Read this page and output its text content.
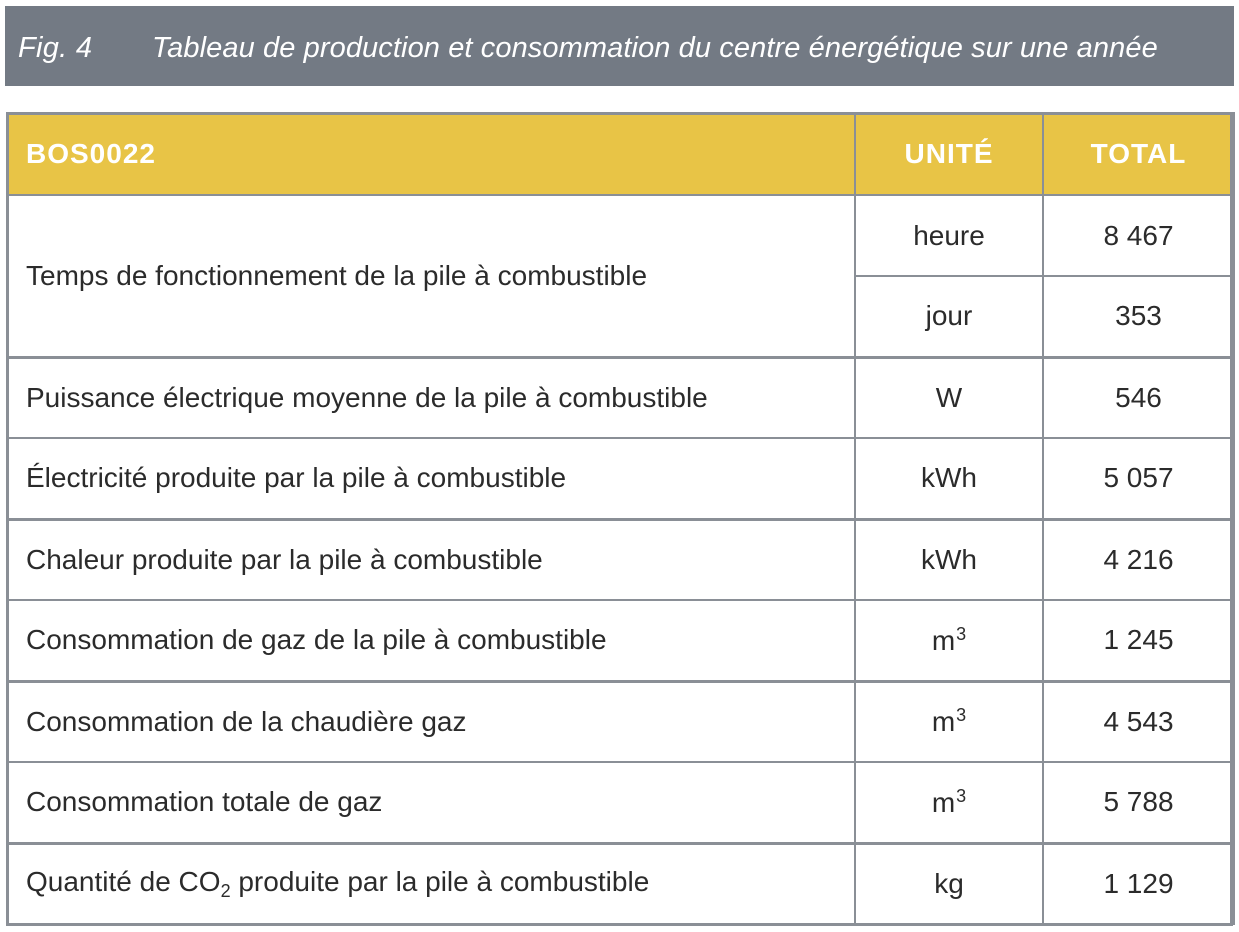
Fig. 4 Tableau de production et consommation du centre énergétique sur une année
BOS0022	UNITÉ	TOTAL
Temps de fonctionnement de la pile à combustible	heure	8 467
	jour	353
Puissance électrique moyenne de la pile à combustible	W	546
Électricité produite par la pile à combustible	kWh	5 057
Chaleur produite par la pile à combustible	kWh	4 216
Consommation de gaz de la pile à combustible	$m^3$	1 245
Consommation de la chaudière gaz	$m^3$	4 543
Consommation totale de gaz	$m^3$	5 788
Quantité de $CO_2$ produite par la pile à combustible	kg	1 129
